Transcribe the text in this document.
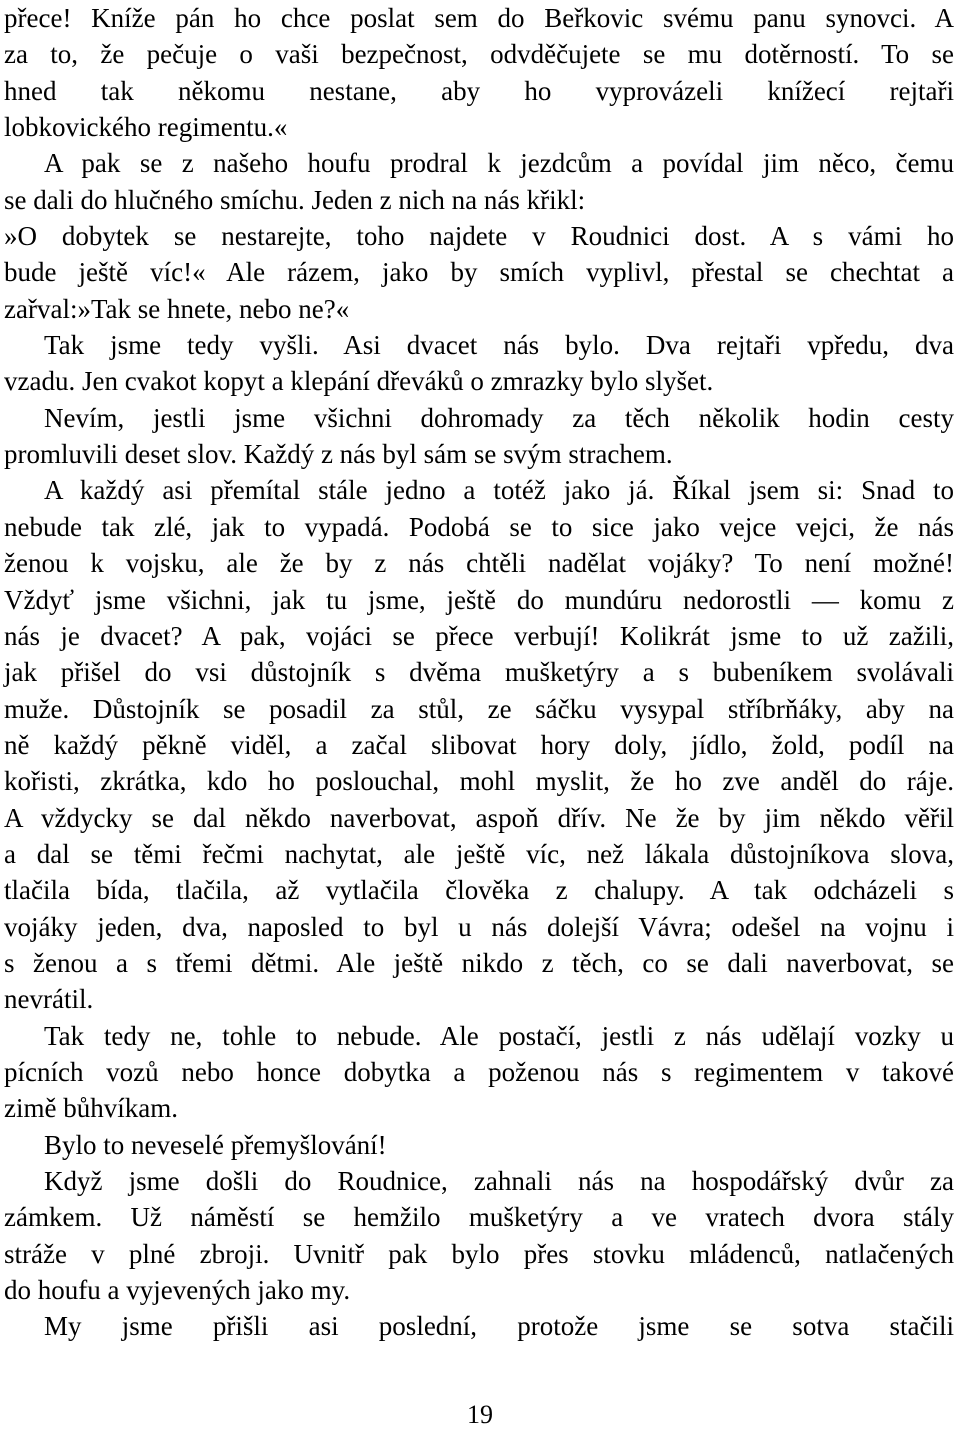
přece! Kníže pán ho chce poslat sem do Beřkovic svému panu synovci. A
za to, že pečuje o vaši bezpečnost, odvděčujete se mu dotěrností. To se
hned tak někomu nestane, aby ho vyprovázeli knížecí rejtaři
lobkovického regimentu.«
A pak se z našeho houfu prodral k jezdcům a povídal jim něco, čemu
se dali do hlučného smíchu. Jeden z nich na nás křikl:
»O dobytek se nestarejte, toho najdete v Roudnici dost. A s vámi ho
bude ještě víc!« Ale rázem, jako by smích vyplivl, přestal se chechtat a
zařval:»Tak se hnete, nebo ne?«
Tak jsme tedy vyšli. Asi dvacet nás bylo. Dva rejtaři vpředu, dva
vzadu. Jen cvakot kopyt a klepání dřeváků o zmrazky bylo slyšet.
Nevím, jestli jsme všichni dohromady za těch několik hodin cesty
promluvili deset slov. Každý z nás byl sám se svým strachem.
A každý asi přemítal stále jedno a totéž jako já. Říkal jsem si: Snad to
nebude tak zlé, jak to vypadá. Podobá se to sice jako vejce vejci, že nás
ženou k vojsku, ale že by z nás chtěli nadělat vojáky? To není možné!
Vždyť jsme všichni, jak tu jsme, ještě do mundúru nedorostli — komu z
nás je dvacet? A pak, vojáci se přece verbují! Kolikrát jsme to už zažili,
jak přišel do vsi důstojník s dvěma mušketýry a s bubeníkem svolávali
muže. Důstojník se posadil za stůl, ze sáčku vysypal stříbrňáky, aby na
ně každý pěkně viděl, a začal slibovat hory doly, jídlo, žold, podíl na
kořisti, zkrátka, kdo ho poslouchal, mohl myslit, že ho zve anděl do ráje.
A vždycky se dal někdo naverbovat, aspoň dřív. Ne že by jim někdo věřil
a dal se těmi řečmi nachytat, ale ještě víc, než lákala důstojníkova slova,
tlačila bída, tlačila, až vytlačila člověka z chalupy. A tak odcházeli s
vojáky jeden, dva, naposled to byl u nás dolejší Vávra; odešel na vojnu i
s ženou a s třemi dětmi. Ale ještě nikdo z těch, co se dali naverbovat, se
nevrátil.
Tak tedy ne, tohle to nebude. Ale postačí, jestli z nás udělají vozky u
pícních vozů nebo honce dobytka a poženou nás s regimentem v takové
zimě bůhvíkam.
Bylo to neveselé přemyšlování!
Když jsme došli do Roudnice, zahnali nás na hospodářský dvůr za
zámkem. Už náměstí se hemžilo mušketýry a ve vratech dvora stály
stráže v plné zbroji. Uvnitř pak bylo přes stovku mládenců, natlačených
do houfu a vyjevených jako my.
My jsme přišli asi poslední, protože jsme se sotva stačili
19
